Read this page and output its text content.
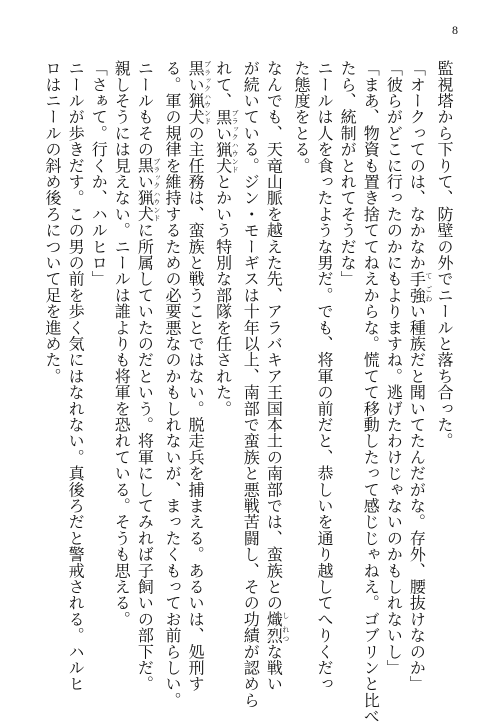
8
監視塔から下りて、防壁の外でニールと落ち合った。
「オークってのは、なかなか手強て ごわい種族だと聞いてたんだがな。存外、腰抜けなのか」
「彼らがどこに行ったのかにもよりますね。逃げたわけじゃないのかもしれないし」
「まあ、物資も置き捨ててねえからな。慌てて移動したって感じじゃねえ。ゴブリンと比べ
たら、統制がとれてそうだな」
ニールは人を食ったような男だ。でも、将軍の前だと、恭しいを通り越してへりくだっ
た態度をとる。
なんでも、天竜山脈を越えた先、アラバキア王国本土の南部では、蛮族との熾烈し れつな戦い
が続いている。ジン・モーギスは十年以上、南部で蛮族と悪戦苦闘し、その功績が認めら
れて、黒い猟犬ブラックハウンドとかいう特別な部隊を任された。
黒い猟犬ブラックハウンドの主任務は、蛮族と戦うことではない。脱走兵を捕まえる。あるいは、処刑す
る。軍の規律を維持するための必要悪なのかもしれないが、まったくもってお前らしい。
ニールもその黒い猟犬ブラックハウンドに所属していたのだという。将軍にしてみれば子飼いの部下だ。
親しそうには見えない。ニールは誰よりも将軍を恐れている。そうも思える。
「さぁて。行くか、ハルヒロ」
ニールが歩きだす。この男の前を歩く気にはなれない。真後ろだと警戒される。ハルヒ
ロはニールの斜め後ろについて足を進めた。
